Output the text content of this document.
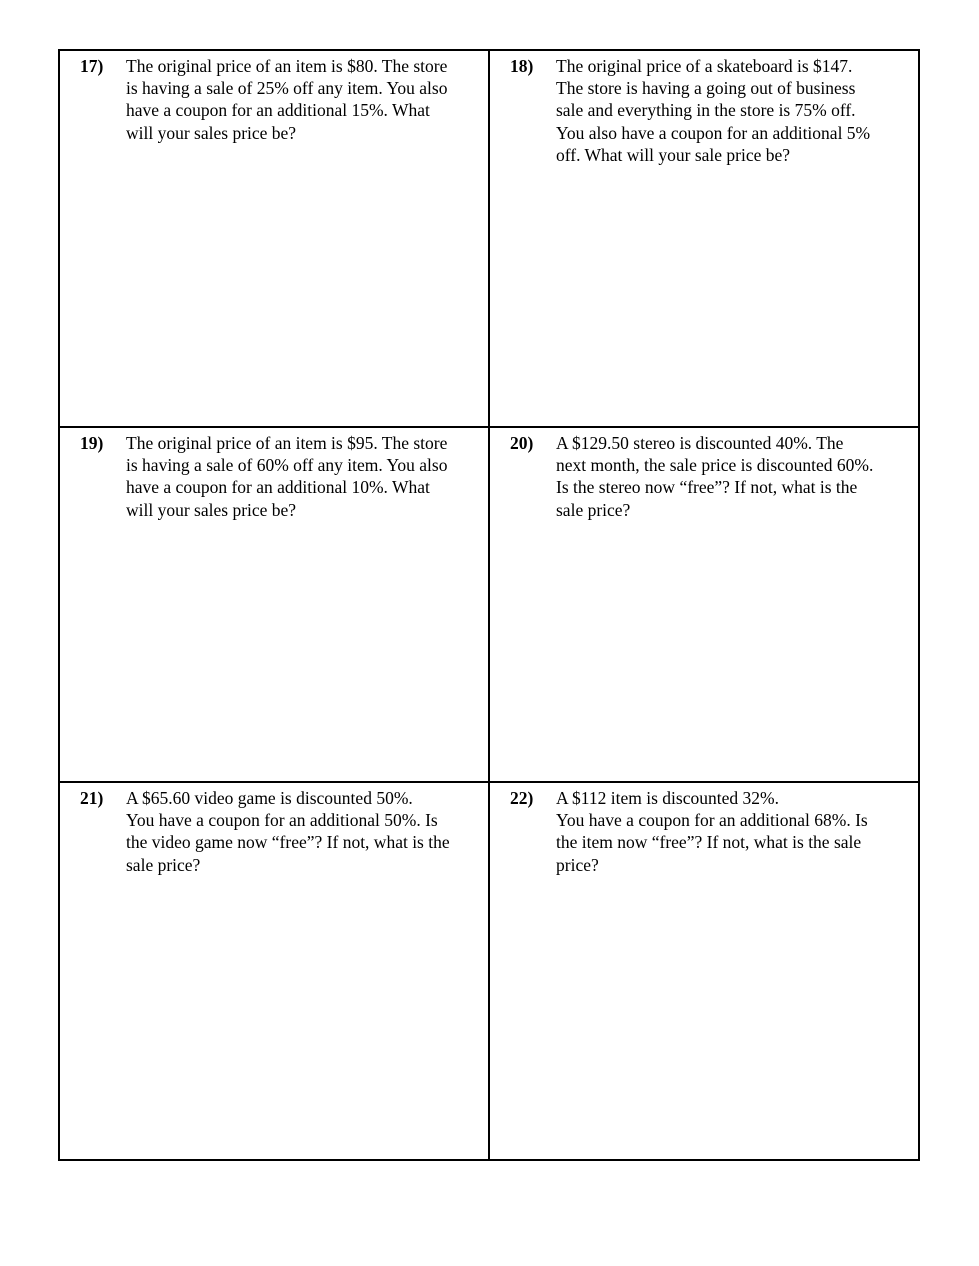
17) The original price of an item is $80. The store
is having a sale of 25% off any item. You also
have a coupon for an additional 15%. What
will your sales price be?
18) The original price of a skateboard is $147.
The store is having a going out of business
sale and everything in the store is 75% off.
You also have a coupon for an additional 5%
off. What will your sale price be?
19) The original price of an item is $95. The store
is having a sale of 60% off any item. You also
have a coupon for an additional 10%. What
will your sales price be?
20) A $129.50 stereo is discounted 40%. The
next month, the sale price is discounted 60%.
Is the stereo now “free”? If not, what is the
sale price?
21) A $65.60 video game is discounted 50%.
You have a coupon for an additional 50%. Is
the video game now “free”? If not, what is the
sale price?
22) A $112 item is discounted 32%.
You have a coupon for an additional 68%. Is
the item now “free”? If not, what is the sale
price?
